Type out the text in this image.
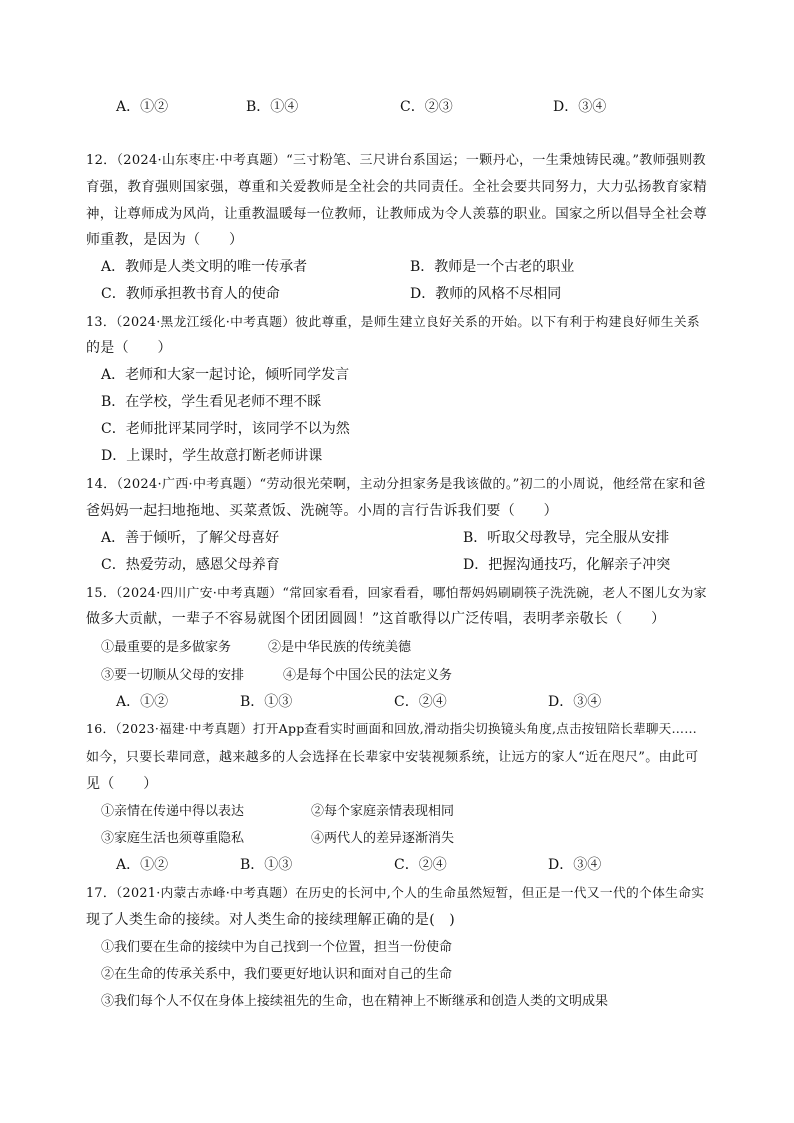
A．①②	B．①④	C．②③	D．③④
12．（2024·山东枣庄·中考真题）“三寸粉笔、三尺讲台系国运；一颗丹心，一生秉烛铸民魂。”教师强则教
育强，教育强则国家强，尊重和关爱教师是全社会的共同责任。全社会要共同努力，大力弘扬教育家精
神，让尊师成为风尚，让重教温暖每一位教师，让教师成为令人羡慕的职业。国家之所以倡导全社会尊
师重教，是因为（　　）
A．教师是人类文明的唯一传承者	B．教师是一个古老的职业
C．教师承担教书育人的使命	D．教师的风格不尽相同
13．（2024·黑龙江绥化·中考真题）彼此尊重，是师生建立良好关系的开始。以下有利于构建良好师生关系
的是（　　）
A．老师和大家一起讨论，倾听同学发言
B．在学校，学生看见老师不理不睬
C．老师批评某同学时，该同学不以为然
D．上课时，学生故意打断老师讲课
14．（2024·广西·中考真题）“劳动很光荣啊，主动分担家务是我该做的。”初二的小周说，他经常在家和爸
爸妈妈一起扫地拖地、买菜煮饭、洗碗等。小周的言行告诉我们要（　　）
A．善于倾听，了解父母喜好	B．听取父母教导，完全服从安排
C．热爱劳动，感恩父母养育	D．把握沟通技巧，化解亲子冲突
15．（2024·四川广安·中考真题）“常回家看看，回家看看，哪怕帮妈妈刷刷筷子洗洗碗，老人不图儿女为家
做多大贡献，一辈子不容易就图个团团圆圆！”这首歌得以广泛传唱，表明孝亲敬长（　　）
①最重要的是多做家务	②是中华民族的传统美德
③要一切顺从父母的安排	④是每个中国公民的法定义务
A．①②	B．①③	C．②④	D．③④
16．（2023·福建·中考真题）打开App查看实时画面和回放,滑动指尖切换镜头角度,点击按钮陪长辈聊天……
如今，只要长辈同意，越来越多的人会选择在长辈家中安装视频系统，让远方的家人“近在咫尺”。由此可
见（　　）
①亲情在传递中得以表达	②每个家庭亲情表现相同
③家庭生活也须尊重隐私	④两代人的差异逐渐消失
A．①②	B．①③	C．②④	D．③④
17．（2021·内蒙古赤峰·中考真题）在历史的长河中,个人的生命虽然短暂，但正是一代又一代的个体生命实
现了人类生命的接续。对人类生命的接续理解正确的是(　)
①我们要在生命的接续中为自己找到一个位置，担当一份使命
②在生命的传承关系中，我们要更好地认识和面对自己的生命
③我们每个人不仅在身体上接续祖先的生命，也在精神上不断继承和创造人类的文明成果
